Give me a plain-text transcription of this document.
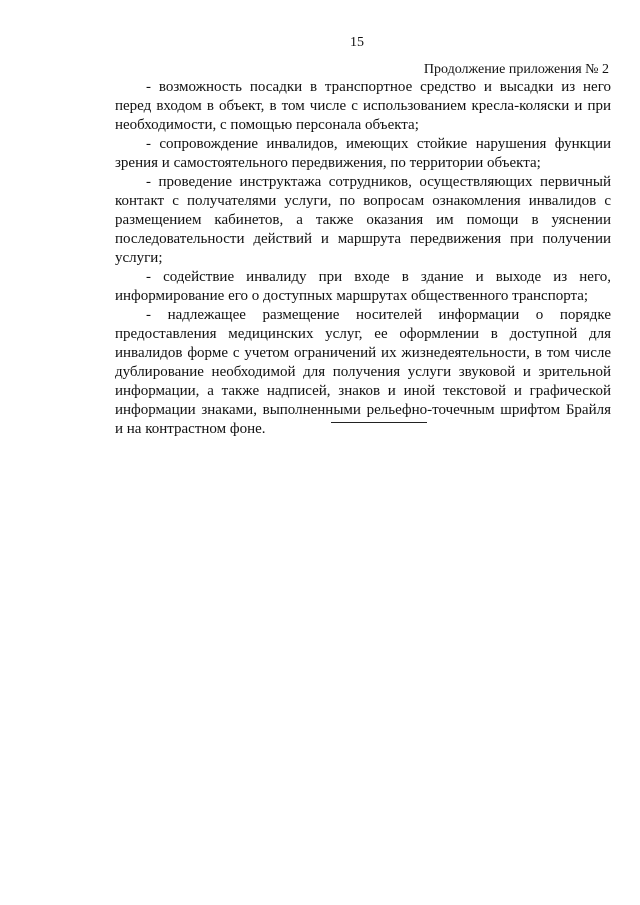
15
Продолжение приложения № 2

- возможность посадки в транспортное средство и высадки из него перед входом в объект, в том числе с использованием кресла-коляски и при необходимости, с помощью персонала объекта;

- сопровождение инвалидов, имеющих стойкие нарушения функции зрения и самостоятельного передвижения, по территории объекта;

- проведение инструктажа сотрудников, осуществляющих первичный контакт с получателями услуги, по вопросам ознакомления инвалидов с размещением кабинетов, а также оказания им помощи в уяснении последовательности действий и маршрута передвижения при получении услуги;

- содействие инвалиду при входе в здание и выходе из него, информирование его о доступных маршрутах общественного транспорта;

- надлежащее размещение носителей информации о порядке предоставления медицинских услуг, ее оформлении в доступной для инвалидов форме с учетом ограничений их жизнедеятельности, в том числе дублирование необходимой для получения услуги звуковой и зрительной информации, а также надписей, знаков и иной текстовой и графической информации знаками, выполненными рельефно-точечным шрифтом Брайля и на контрастном фоне.
